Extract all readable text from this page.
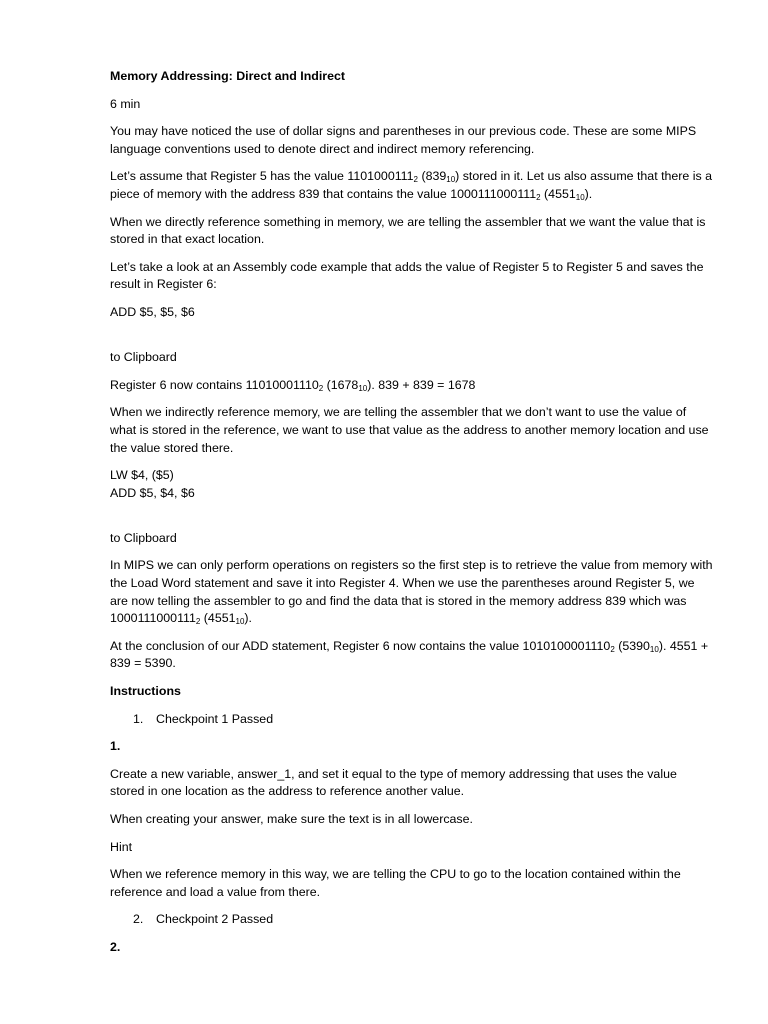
Memory Addressing: Direct and Indirect

6 min

You may have noticed the use of dollar signs and parentheses in our previous code. These are some MIPS language conventions used to denote direct and indirect memory referencing.

Let’s assume that Register 5 has the value $1101000111_2$ $(839_{10})$ stored in it. Let us also assume that there is a piece of memory with the address 839 that contains the value $1000111000111_2$ $(4551_{10})$.

When we directly reference something in memory, we are telling the assembler that we want the value that is stored in that exact location.

Let’s take a look at an Assembly code example that adds the value of Register 5 to Register 5 and saves the result in Register 6:

ADD $5, $5, $6

to Clipboard

Register 6 now contains $11010001110_2$ $(1678_{10})$. 839 + 839 = 1678

When we indirectly reference memory, we are telling the assembler that we don’t want to use the value of what is stored in the reference, we want to use that value as the address to another memory location and use the value stored there.

LW $4, ($5)
ADD $5, $4, $6

to Clipboard

In MIPS we can only perform operations on registers so the first step is to retrieve the value from memory with the Load Word statement and save it into Register 4. When we use the parentheses around Register 5, we are now telling the assembler to go and find the data that is stored in the memory address 839 which was $1000111000111_2$ $(4551_{10})$.

At the conclusion of our ADD statement, Register 6 now contains the value $1010100001110_2$ $(5390_{10})$. 4551 + 839 = 5390.

Instructions

1. Checkpoint 1 Passed

1.

Create a new variable, answer_1, and set it equal to the type of memory addressing that uses the value stored in one location as the address to reference another value.

When creating your answer, make sure the text is in all lowercase.

Hint

When we reference memory in this way, we are telling the CPU to go to the location contained within the reference and load a value from there.

2. Checkpoint 2 Passed

2.
